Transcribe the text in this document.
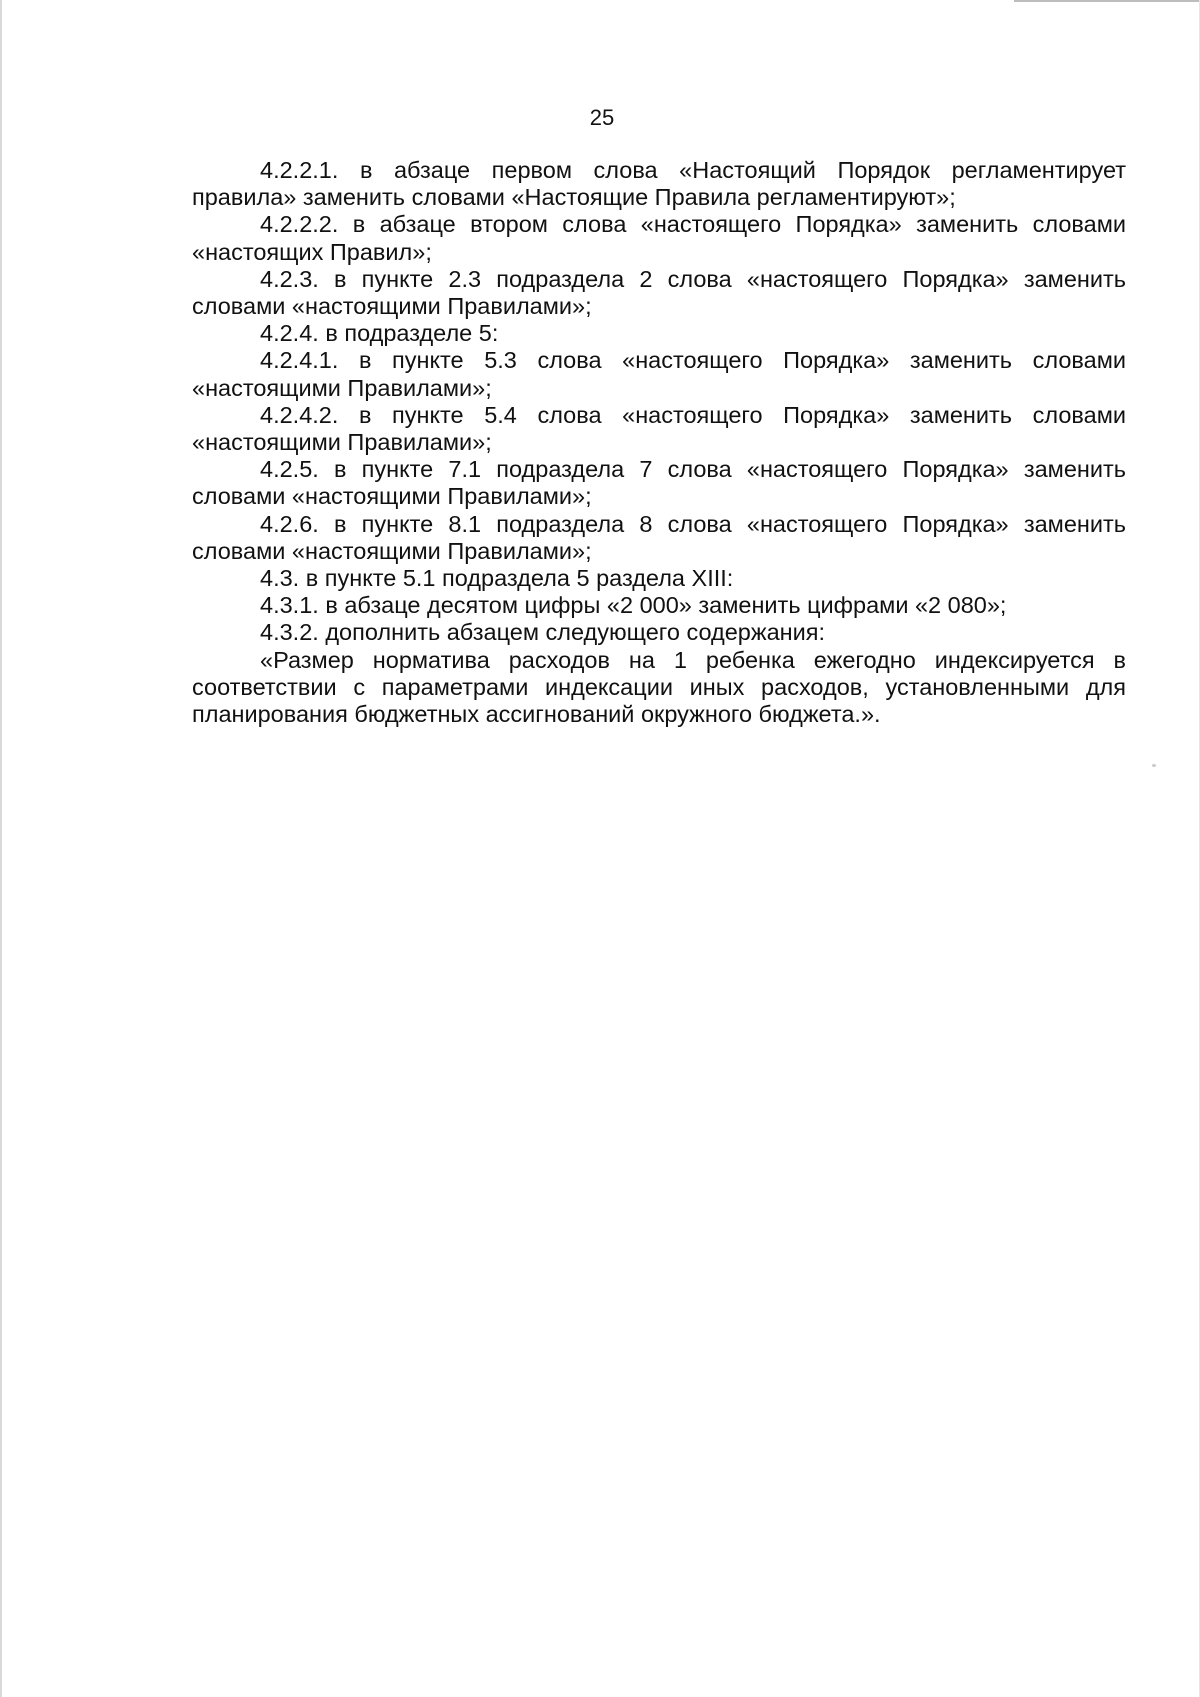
25

4.2.2.1. в абзаце первом слова «Настоящий Порядок регламентирует правила» заменить словами «Настоящие Правила регламентируют»;

4.2.2.2. в абзаце втором слова «настоящего Порядка» заменить словами «настоящих Правил»;

4.2.3. в пункте 2.3 подраздела 2 слова «настоящего Порядка» заменить словами «настоящими Правилами»;

4.2.4. в подразделе 5:

4.2.4.1. в пункте 5.3 слова «настоящего Порядка» заменить словами «настоящими Правилами»;

4.2.4.2. в пункте 5.4 слова «настоящего Порядка» заменить словами «настоящими Правилами»;

4.2.5. в пункте 7.1 подраздела 7 слова «настоящего Порядка» заменить словами «настоящими Правилами»;

4.2.6. в пункте 8.1 подраздела 8 слова «настоящего Порядка» заменить словами «настоящими Правилами»;

4.3. в пункте 5.1 подраздела 5 раздела XIII:

4.3.1. в абзаце десятом цифры «2 000» заменить цифрами «2 080»;

4.3.2. дополнить абзацем следующего содержания:

«Размер норматива расходов на 1 ребенка ежегодно индексируется в соответствии с параметрами индексации иных расходов, установленными для планирования бюджетных ассигнований окружного бюджета.».
